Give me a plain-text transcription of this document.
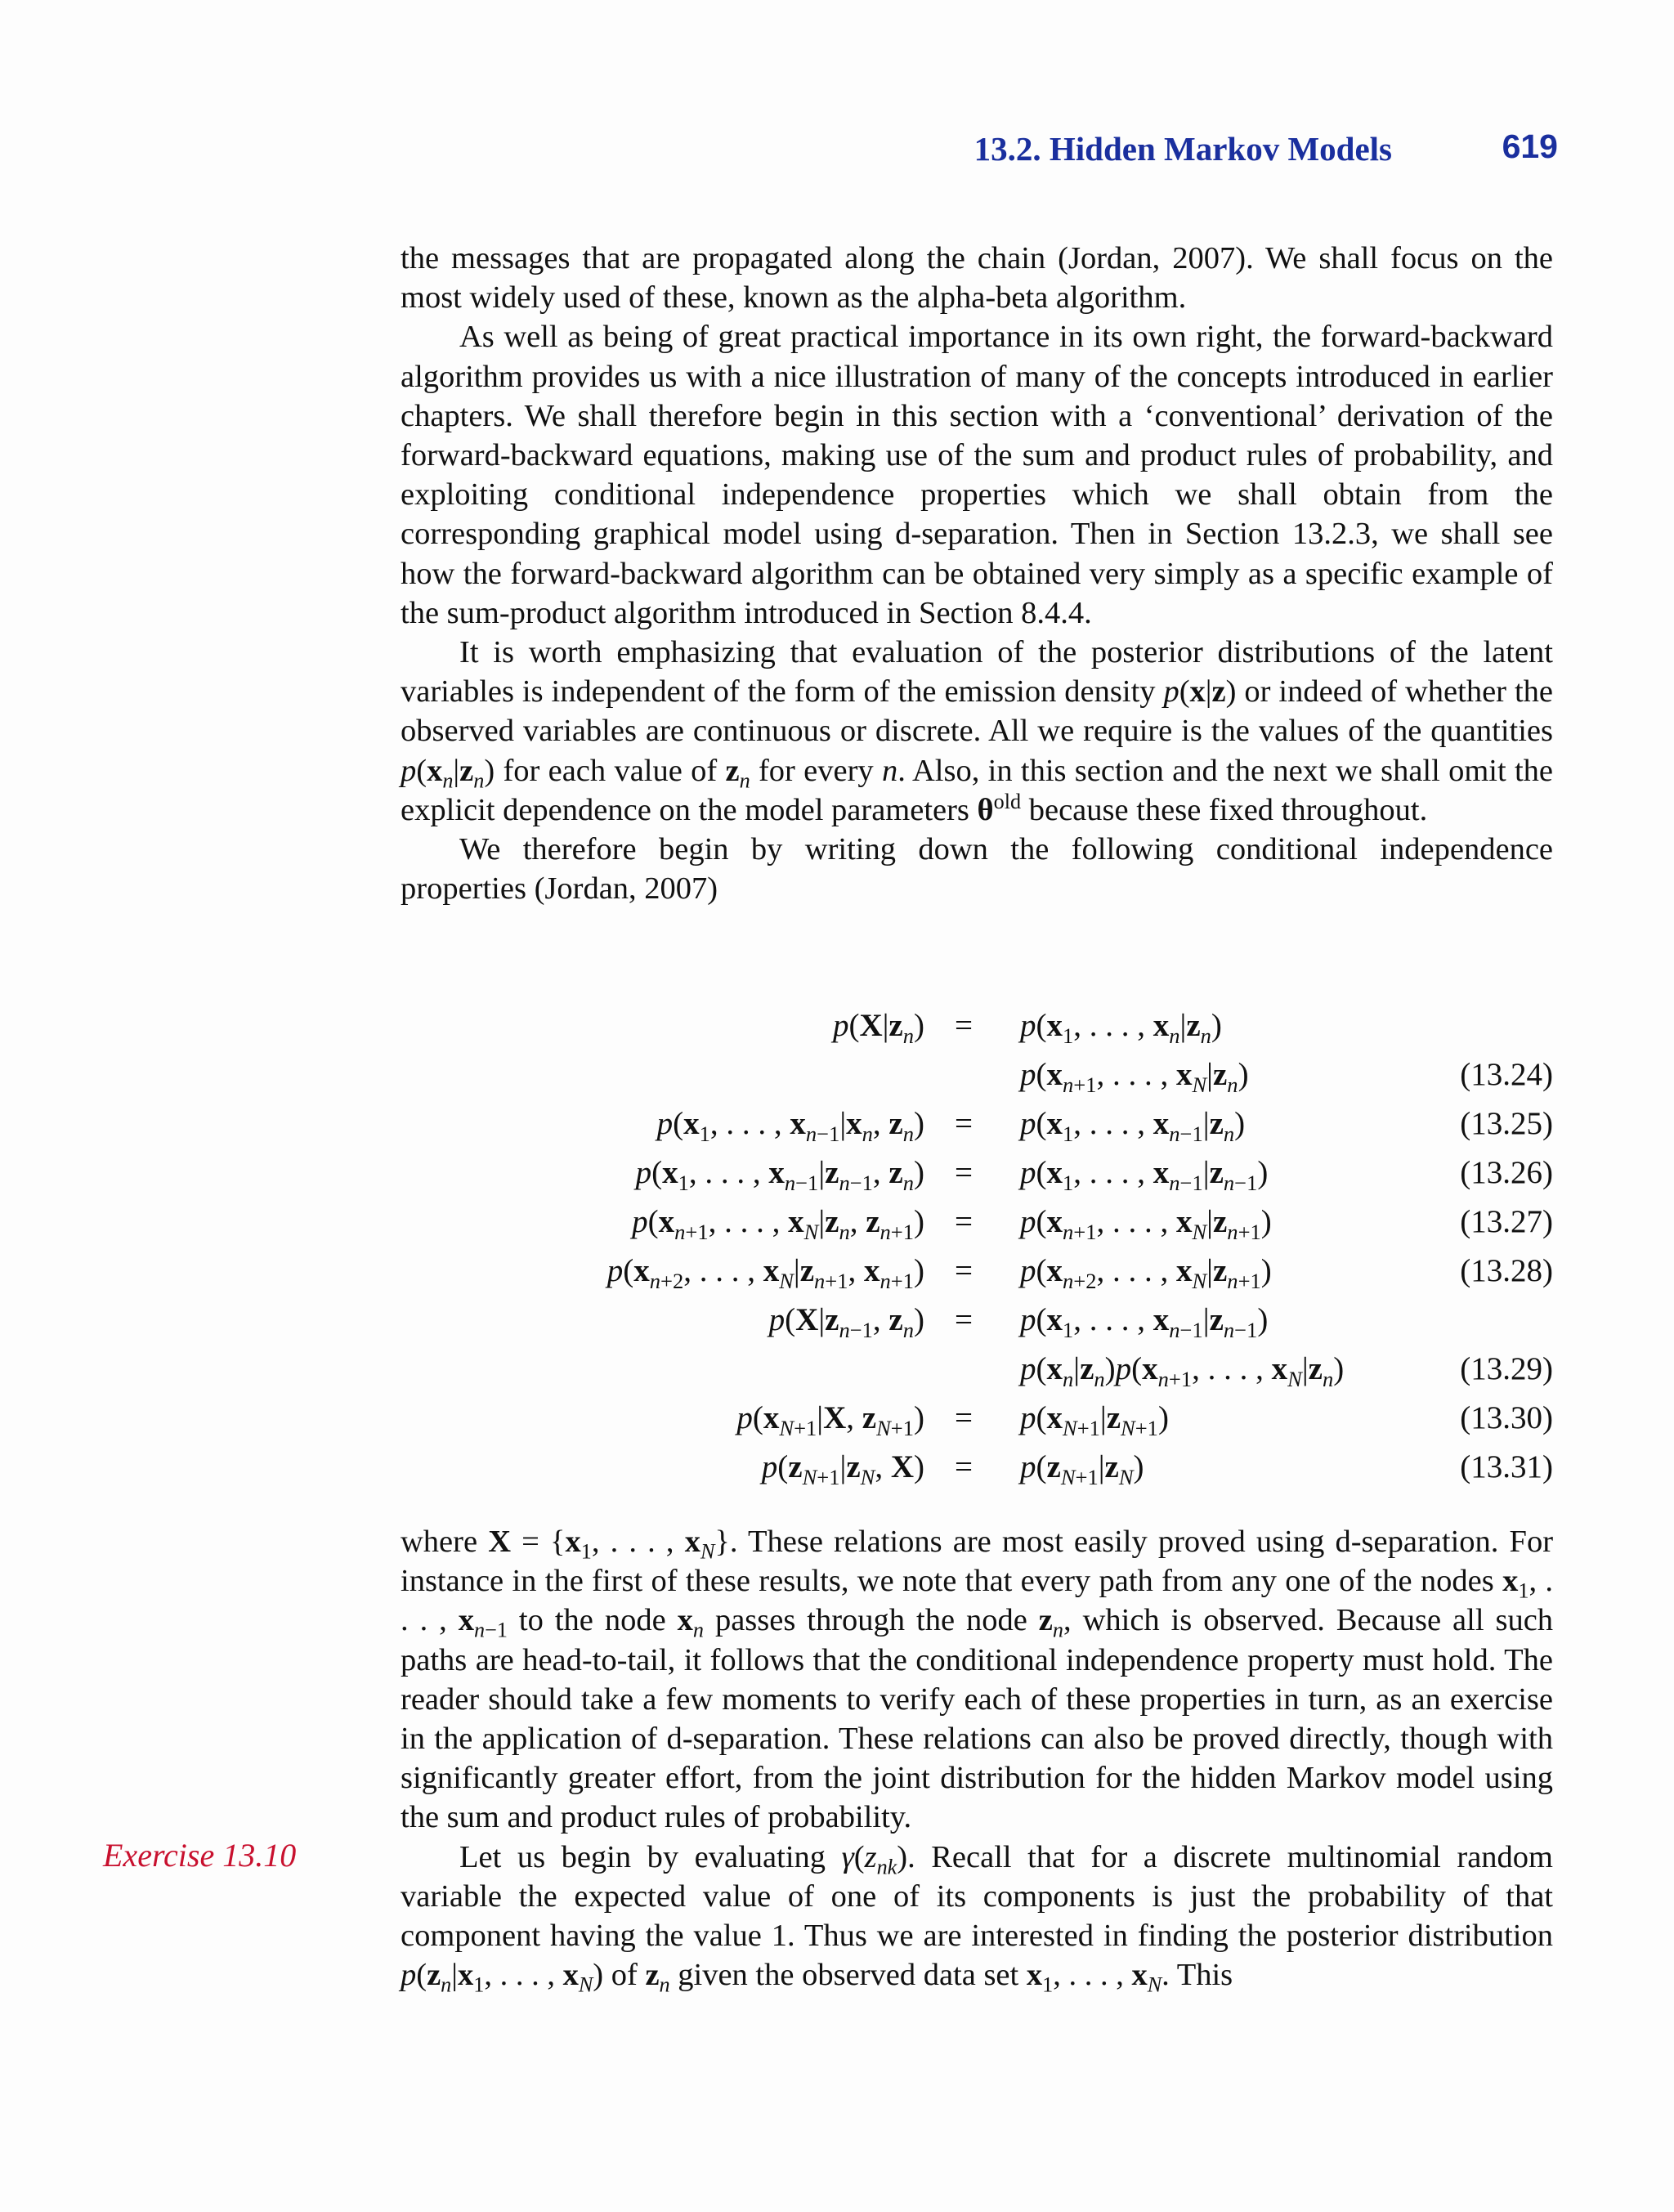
13.2. Hidden Markov Models	619

the messages that are propagated along the chain (Jordan, 2007). We shall focus on the most widely used of these, known as the alpha-beta algorithm.

As well as being of great practical importance in its own right, the forward-backward algorithm provides us with a nice illustration of many of the concepts introduced in earlier chapters. We shall therefore begin in this section with a ‘conventional’ derivation of the forward-backward equations, making use of the sum and product rules of probability, and exploiting conditional independence properties which we shall obtain from the corresponding graphical model using d-separation. Then in Section 13.2.3, we shall see how the forward-backward algorithm can be obtained very simply as a specific example of the sum-product algorithm introduced in Section 8.4.4.

It is worth emphasizing that evaluation of the posterior distributions of the latent variables is independent of the form of the emission density p(x|z) or indeed of whether the observed variables are continuous or discrete. All we require is the values of the quantities $p(x_n|z_n)$ for each value of $z_n$ for every n. Also, in this section and the next we shall omit the explicit dependence on the model parameters $\theta^{old}$ because these fixed throughout.

We therefore begin by writing down the following conditional independence properties (Jordan, 2007)

$p(X|z_n) = p(x_1$, . . . , $x_n|z_n$)
$p(x_{n+1}$, . . . , $x_N|z_n$)	(13.24)
$p(x_1$, . . . , $x_{n-1}|x_n$, $z_n) = p(x_1$, . . . , $x_{n-1}|z_n$)	(13.25)
$p(x_1$, . . . , $x_{n-1}|z_{n-1}$, $z_n) = p(x_1$, . . . , $x_{n-1}|z_{n-1}$)	(13.26)
$p(x_{n+1}$, . . . , $x_N|z_n$, $z_{n+1}) = p(x_{n+1}$, . . . , $x_N|z_{n+1}$)	(13.27)
$p(x_{n+2}$, . . . , $x_N|z_{n+1}$, $x_{n+1}) = p(x_{n+2}$, . . . , $x_N|z_{n+1}$)	(13.28)
$p(X|z_{n-1}$, $z_n) = p(x_1$, . . . , $x_{n-1}|z_{n-1}$)
$p(x_n|z_n)p(x_{n+1}$, . . . , $x_N|z_n$)	(13.29)
$p(x_{N+1}|X$, $z_{N+1}) = p(x_{N+1}|z_{N+1})$	(13.30)
$p(z_{N+1}|z_N$, $X) = p(z_{N+1}|z_N)$	(13.31)

where $X = \{x_1$, . . . , $x_N$}. These relations are most easily proved using d-separation. For instance in the first of these results, we note that every path from any one of the nodes $x_1$, . . . , $x_{n-1}$ to the node $x_n$ passes through the node $z_n$, which is observed. Because all such paths are head-to-tail, it follows that the conditional independence property must hold. The reader should take a few moments to verify each of these properties in turn, as an exercise in the application of d-separation. These relations can also be proved directly, though with significantly greater effort, from the joint distribution for the hidden Markov model using the sum and product rules of probability.

Let us begin by evaluating $\gamma(z_{nk})$. Recall that for a discrete multinomial random variable the expected value of one of its components is just the probability of that component having the value 1. Thus we are interested in finding the posterior distribution $p(z_n|x_1$, . . . , $x_N$) of $z_n$ given the observed data set $x_1$, . . . , $x_N$. This

Exercise 13.10
